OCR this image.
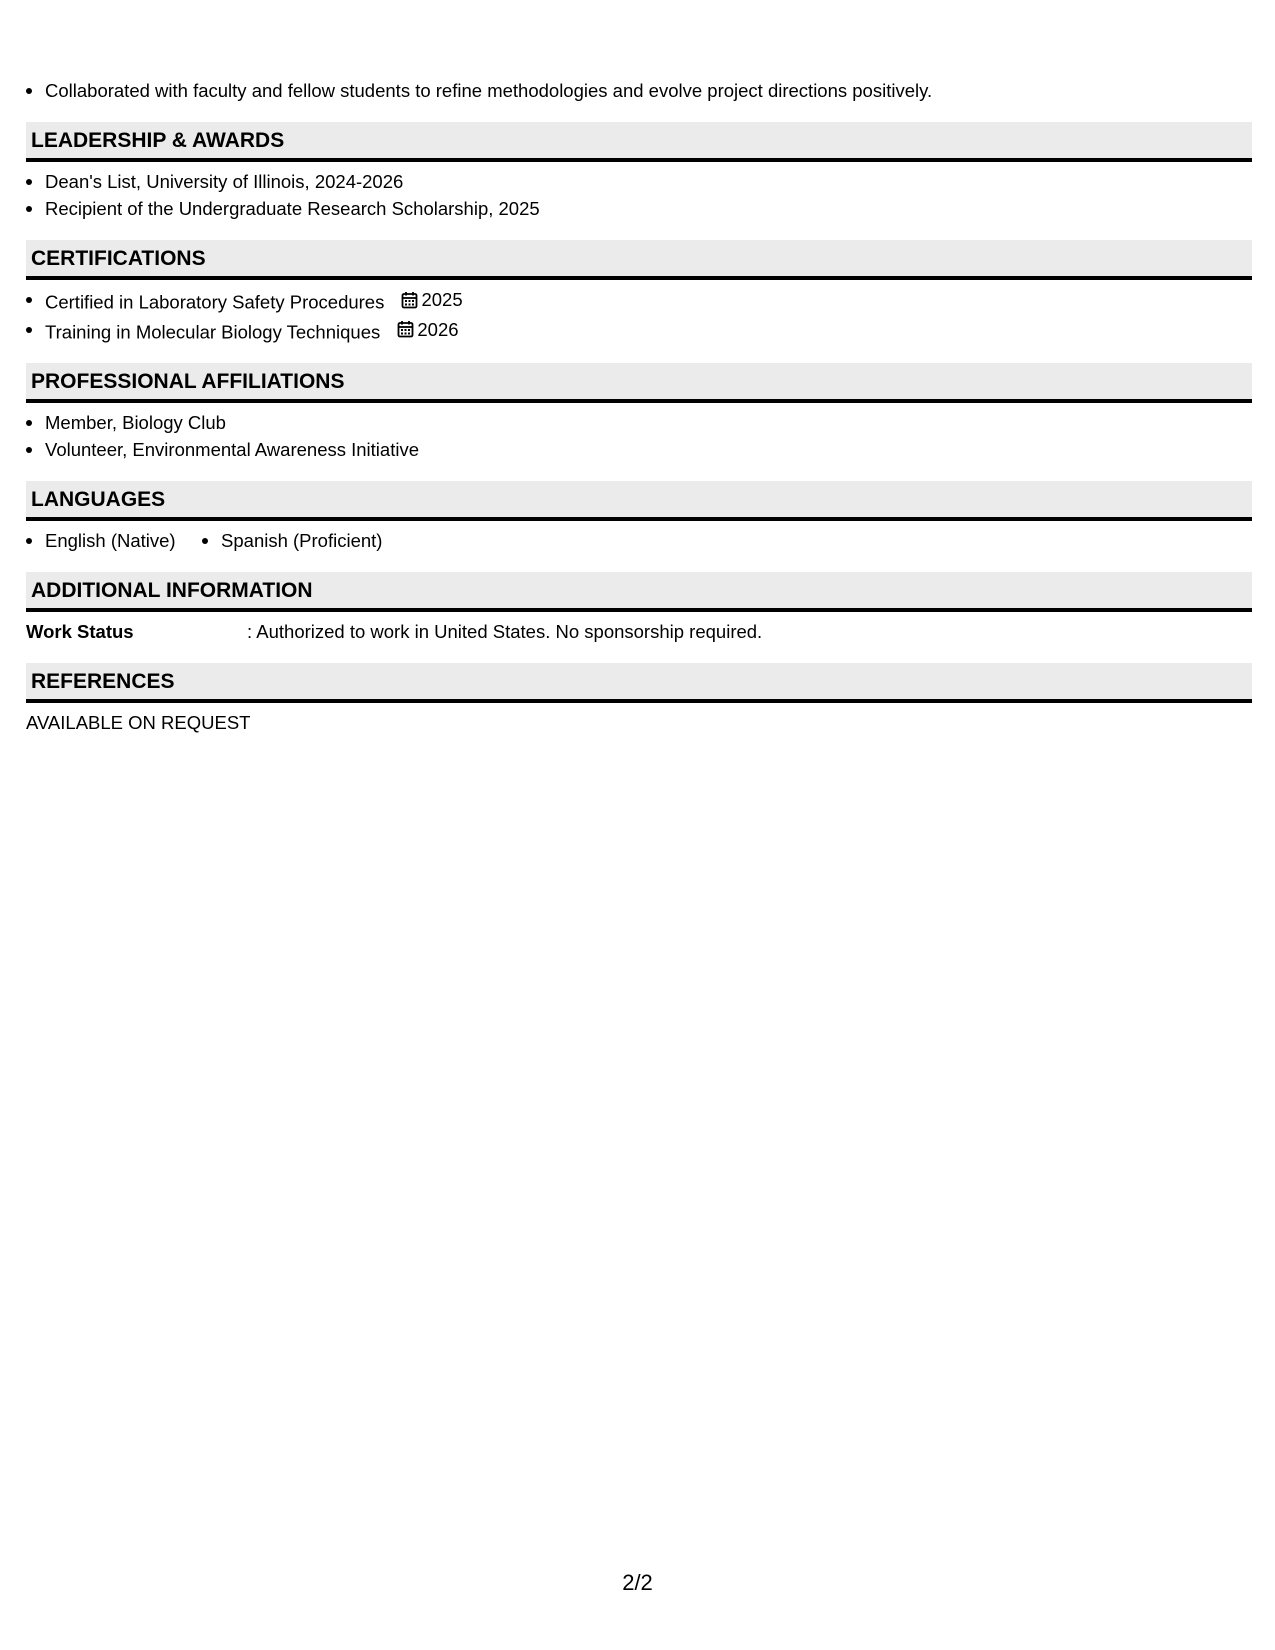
Collaborated with faculty and fellow students to refine methodologies and evolve project directions positively.
LEADERSHIP & AWARDS
Dean's List, University of Illinois, 2024-2026
Recipient of the Undergraduate Research Scholarship, 2025
CERTIFICATIONS
Certified in Laboratory Safety Procedures 2025
Training in Molecular Biology Techniques 2026
PROFESSIONAL AFFILIATIONS
Member, Biology Club
Volunteer, Environmental Awareness Initiative
LANGUAGES
English (Native) Spanish (Proficient)
ADDITIONAL INFORMATION
Work Status	: Authorized to work in United States. No sponsorship required.
REFERENCES
AVAILABLE ON REQUEST
2/2
